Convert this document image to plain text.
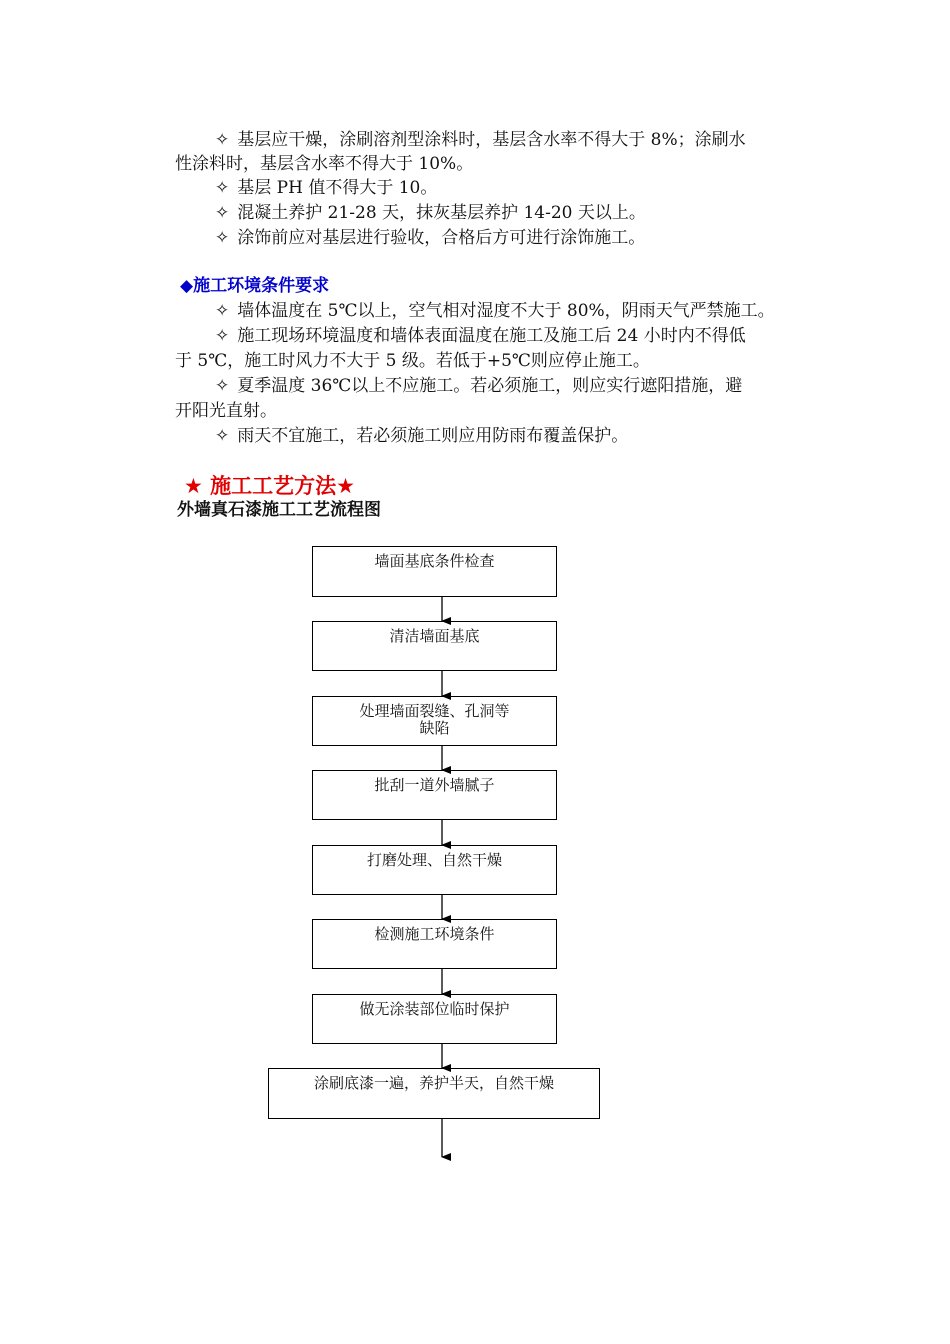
✧ 基层应干燥，涂刷溶剂型涂料时，基层含水率不得大于 8%；涂刷水
性涂料时，基层含水率不得大于 10%。
✧ 基层 PH 值不得大于 10。
✧ 混凝土养护 21-28 天，抹灰基层养护 14-20 天以上。
✧ 涂饰前应对基层进行验收，合格后方可进行涂饰施工。
◆施工环境条件要求
✧ 墙体温度在 5℃以上，空气相对湿度不大于 80%，阴雨天气严禁施工。
✧ 施工现场环境温度和墙体表面温度在施工及施工后 24 小时内不得低
于 5℃，施工时风力不大于 5 级。若低于+5℃则应停止施工。
✧ 夏季温度 36℃以上不应施工。若必须施工，则应实行遮阳措施，避
开阳光直射。
✧ 雨天不宜施工，若必须施工则应用防雨布覆盖保护。
★ 施工工艺方法★
外墙真石漆施工工艺流程图
墙面基底条件检查
清洁墙面基底
处理墙面裂缝、孔洞等缺陷
批刮一道外墙腻子
打磨处理、自然干燥
检测施工环境条件
做无涂装部位临时保护
涂刷底漆一遍，养护半天，自然干燥
